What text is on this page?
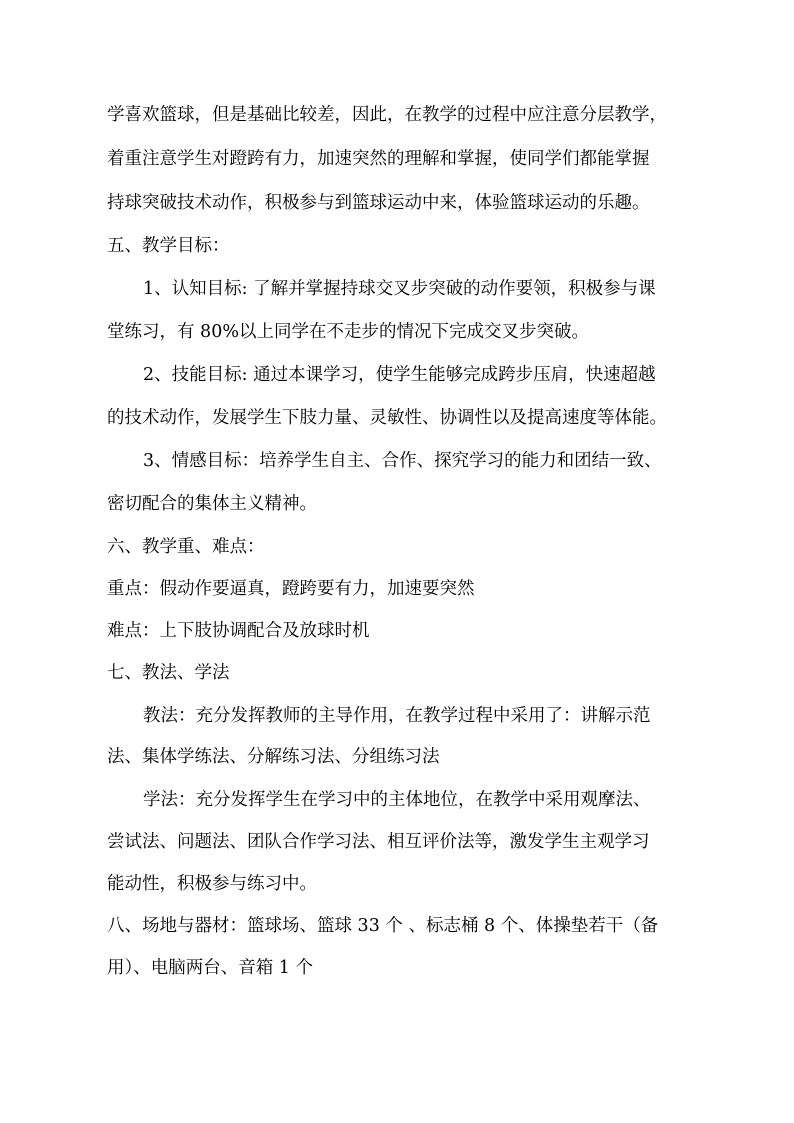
学喜欢篮球，但是基础比较差，因此，在教学的过程中应注意分层教学，
着重注意学生对蹬跨有力，加速突然的理解和掌握，使同学们都能掌握
持球突破技术动作，积极参与到篮球运动中来，体验篮球运动的乐趣。
五、教学目标：
1、认知目标: 了解并掌握持球交叉步突破的动作要领，积极参与课
堂练习，有 80%以上同学在不走步的情况下完成交叉步突破。
2、技能目标: 通过本课学习，使学生能够完成跨步压肩，快速超越
的技术动作，发展学生下肢力量、灵敏性、协调性以及提高速度等体能。
3、情感目标：培养学生自主、合作、探究学习的能力和团结一致、
密切配合的集体主义精神。
六、教学重、难点：
重点：假动作要逼真，蹬跨要有力，加速要突然
难点：上下肢协调配合及放球时机
七、教法、学法
教法：充分发挥教师的主导作用，在教学过程中采用了：讲解示范
法、集体学练法、分解练习法、分组练习法
学法：充分发挥学生在学习中的主体地位，在教学中采用观摩法、
尝试法、问题法、团队合作学习法、相互评价法等，激发学生主观学习
能动性，积极参与练习中。
八、场地与器材：篮球场、篮球 33 个 、标志桶 8 个、体操垫若干（备
用）、电脑两台、音箱 1 个
